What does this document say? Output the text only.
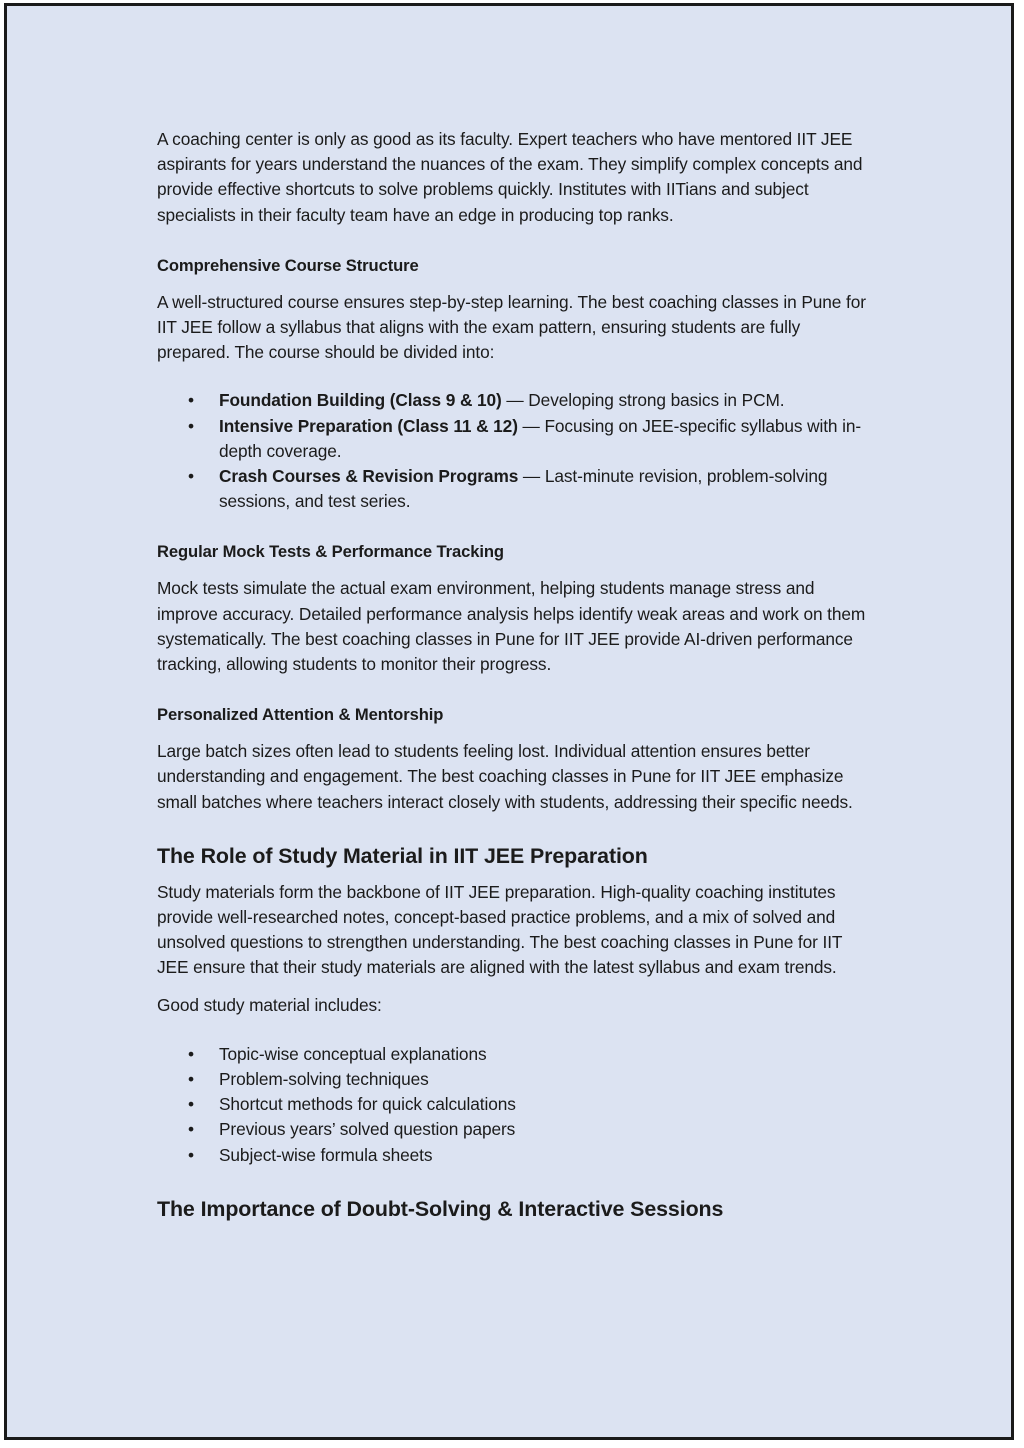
A coaching center is only as good as its faculty. Expert teachers who have mentored IIT JEE aspirants for years understand the nuances of the exam. They simplify complex concepts and provide effective shortcuts to solve problems quickly. Institutes with IITians and subject specialists in their faculty team have an edge in producing top ranks.

Comprehensive Course Structure

A well-structured course ensures step-by-step learning. The best coaching classes in Pune for IIT JEE follow a syllabus that aligns with the exam pattern, ensuring students are fully prepared. The course should be divided into:

• Foundation Building (Class 9 & 10) — Developing strong basics in PCM.
• Intensive Preparation (Class 11 & 12) — Focusing on JEE-specific syllabus with in-depth coverage.
• Crash Courses & Revision Programs — Last-minute revision, problem-solving sessions, and test series.

Regular Mock Tests & Performance Tracking

Mock tests simulate the actual exam environment, helping students manage stress and improve accuracy. Detailed performance analysis helps identify weak areas and work on them systematically. The best coaching classes in Pune for IIT JEE provide AI-driven performance tracking, allowing students to monitor their progress.

Personalized Attention & Mentorship

Large batch sizes often lead to students feeling lost. Individual attention ensures better understanding and engagement. The best coaching classes in Pune for IIT JEE emphasize small batches where teachers interact closely with students, addressing their specific needs.

The Role of Study Material in IIT JEE Preparation

Study materials form the backbone of IIT JEE preparation. High-quality coaching institutes provide well-researched notes, concept-based practice problems, and a mix of solved and unsolved questions to strengthen understanding. The best coaching classes in Pune for IIT JEE ensure that their study materials are aligned with the latest syllabus and exam trends.

Good study material includes:

• Topic-wise conceptual explanations
• Problem-solving techniques
• Shortcut methods for quick calculations
• Previous years’ solved question papers
• Subject-wise formula sheets

The Importance of Doubt-Solving & Interactive Sessions
